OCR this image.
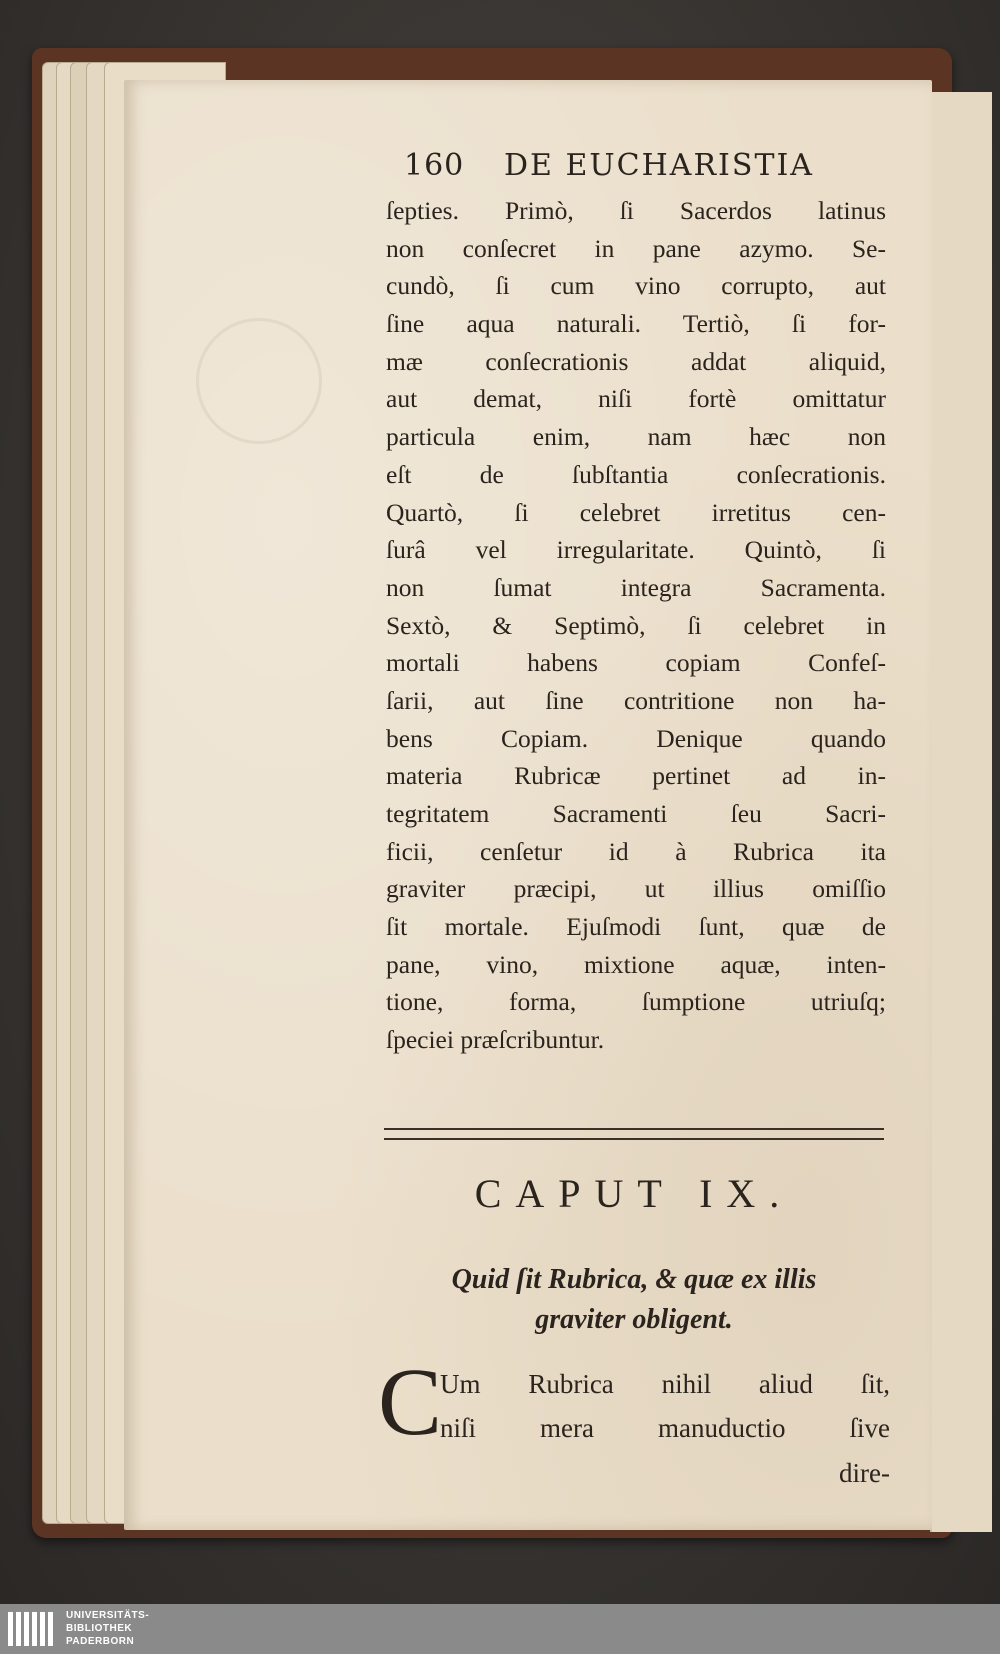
160 DE EUCHARISTIA
ſepties. Primò, ſi Sacerdos latinus
non conſecret in pane azymo. Se-
cundò, ſi cum vino corrupto, aut
ſine aqua naturali. Tertiò, ſi for-
mæ conſecrationis addat aliquid,
aut demat, niſi fortè omittatur
particula enim, nam hæc non
eſt de ſubſtantia conſecrationis.
Quartò, ſi celebret irretitus cen-
ſurâ vel irregularitate. Quintò, ſi
non ſumat integra Sacramenta.
Sextò, & Septimò, ſi celebret in
mortali habens copiam Confeſ-
ſarii, aut ſine contritione non ha-
bens Copiam. Denique quando
materia Rubricæ pertinet ad in-
tegritatem Sacramenti ſeu Sacri-
ficii, cenſetur id à Rubrica ita
graviter præcipi, ut illius omiſſio
ſit mortale. Ejuſmodi ſunt, quæ de
pane, vino, mixtione aquæ, inten-
tione, forma, ſumptione utriuſq;
ſpeciei præſcribuntur.
CAPUT IX.
Quid ſit Rubrica, & quæ ex illis
graviter obligent.
C
Um Rubrica nihil aliud ſit,
niſi mera manuductio ſive
dire-
UNIVERSITÄTS-
BIBLIOTHEK
PADERBORN
